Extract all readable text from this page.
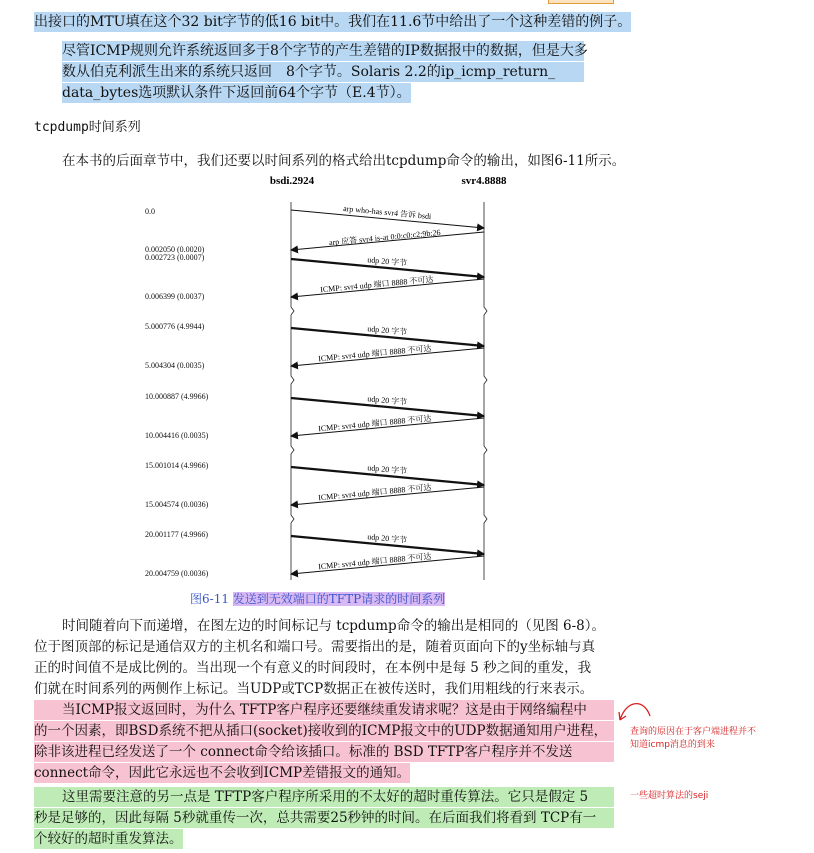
出接口的MTU填在这个32 bit字节的低16 bit中。我们在11.6节中给出了一个这种差错的例子。
尽管ICMP规则允许系统返回多于8个字节的产生差错的IP数据报中的数据，但是大多
数从伯克利派生出来的系统只返回　8个字节。Solaris 2.2的ip_icmp_return_
data_bytes选项默认条件下返回前64个字节（E.4节）。
tcpdump时间系列
在本书的后面章节中，我们还要以时间系列的格式给出tcpdump命令的输出，如图6-11所示。
bsdi.2924	svr4.8888
0.0
0.002050 (0.0020)
0.002723 (0.0007)
0.006399 (0.0037)
5.000776 (4.9944)
5.004304 (0.0035)
10.000887 (4.9966)
10.004416 (0.0035)
15.001014 (4.9966)
15.004574 (0.0036)
20.001177 (4.9966)
20.004759 (0.0036)
arp who-has svr4 告诉 bsdi
arp 应答 svr4 is-at 0:0:c0:c2:9b:26
udp 20 字节
ICMP: svr4 udp 端口 8888 不可达
udp 20 字节
ICMP: svr4 udp 端口 8888 不可达
udp 20 字节
ICMP: svr4 udp 端口 8888 不可达
udp 20 字节
ICMP: svr4 udp 端口 8888 不可达
udp 20 字节
ICMP: svr4 udp 端口 8888 不可达
图6-11 发送到无效端口的TFTP请求的时间系列
时间随着向下而递增，在图左边的时间标记与 tcpdump命令的输出是相同的（见图 6-8）。
位于图顶部的标记是通信双方的主机名和端口号。需要指出的是，随着页面向下的y坐标轴与真
正的时间值不是成比例的。当出现一个有意义的时间段时，在本例中是每 5 秒之间的重发，我
们就在时间系列的两侧作上标记。当UDP或TCP数据正在被传送时，我们用粗线的行来表示。
当ICMP报文返回时，为什么 TFTP客户程序还要继续重发请求呢？这是由于网络编程中
的一个因素，即BSD系统不把从插口(socket)接收到的ICMP报文中的UDP数据通知用户进程，
除非该进程已经发送了一个 connect命令给该插口。标准的 BSD TFTP客户程序并不发送
connect命令，因此它永远也不会收到ICMP差错报文的通知。
这里需要注意的另一点是 TFTP客户程序所采用的不太好的超时重传算法。它只是假定 5
秒是足够的，因此每隔 5秒就重传一次，总共需要25秒钟的时间。在后面我们将看到 TCP有一
个较好的超时重发算法。
查询的原因在于客户端进程并不
知道icmp消息的到来
一些超时算法的seji
